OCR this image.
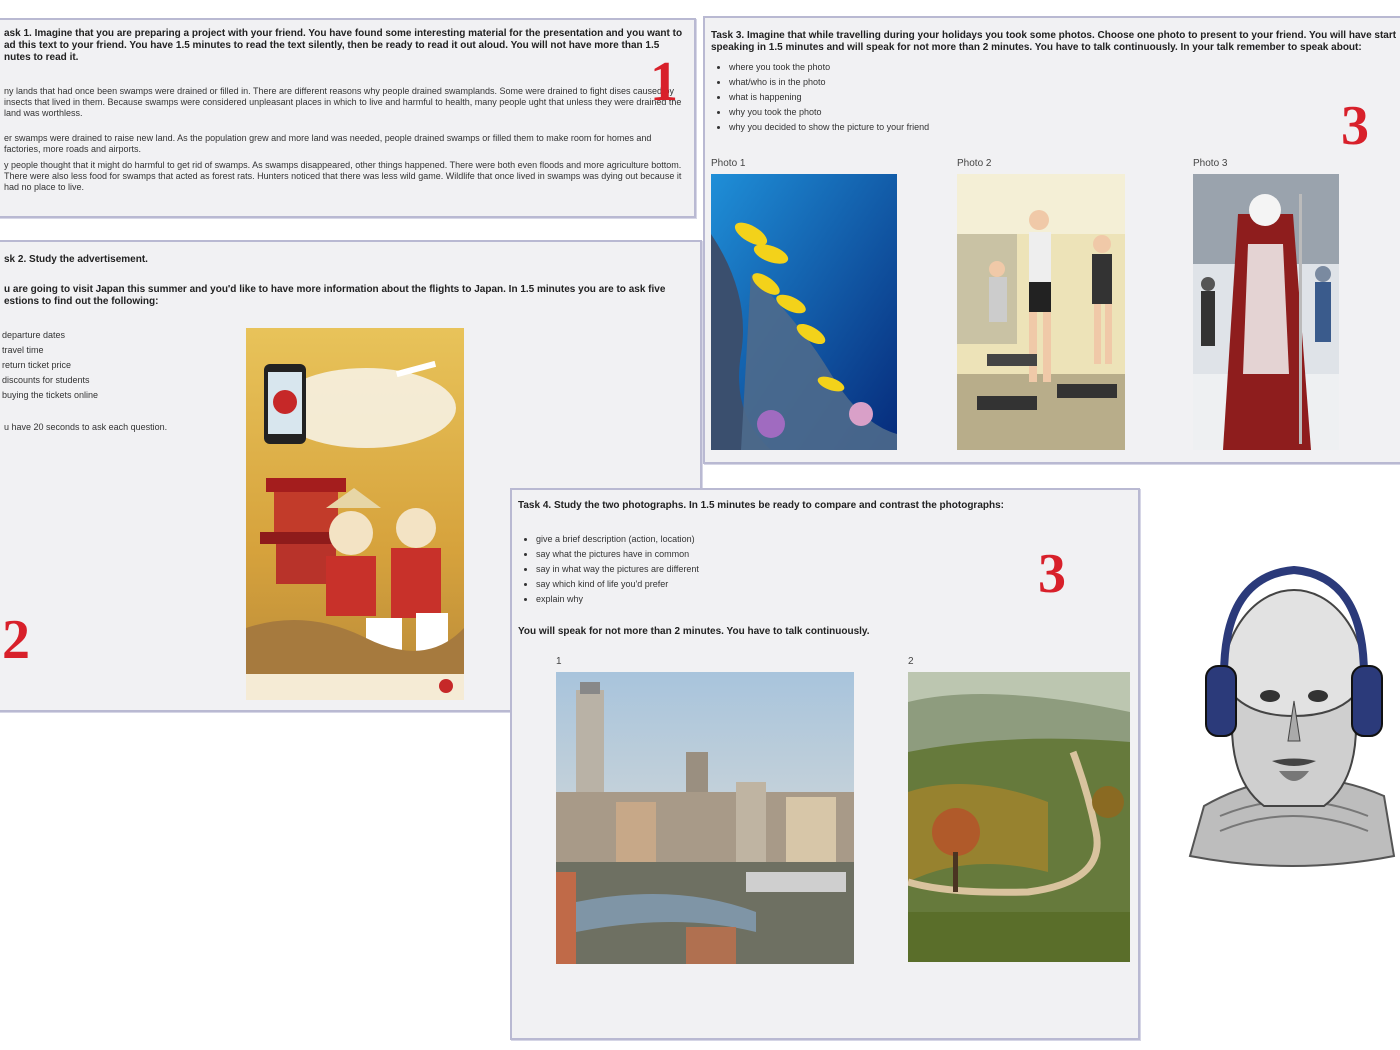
ask 1. Imagine that you are preparing a project with your friend. You have found some interesting material for the presentation and you want to ad this text to your friend. You have 1.5 minutes to read the text silently, then be ready to read it out aloud. You will not have more than 1.5 nutes to read it.
ny lands that had once been swamps were drained or filled in. There are different reasons why people drained swamplands. Some were drained to fight dises caused by insects that lived in them. Because swamps were considered unpleasant places in which to live and harmful to health, many people ught that unless they were drained the land was worthless.
er swamps were drained to raise new land. As the population grew and more land was needed, people drained swamps or filled them to make room for homes and factories, more roads and airports.
y people thought that it might do harmful to get rid of swamps. As swamps disappeared, other things happened. There were both even floods and more agriculture bottom. There were also less food for swamps that acted as forest rats. Hunters noticed that there was less wild game. Wildlife that once lived in swamps was dying out because it had no place to live.
1
sk 2. Study the advertisement.
u are going to visit Japan this summer and you'd like to have more information about the flights to Japan. In 1.5 minutes you are to ask five estions to find out the following:
departure dates
travel time
return ticket price
discounts for students
buying the tickets online
u have 20 seconds to ask each question.
2
Task 3. Imagine that while travelling during your holidays you took some photos. Choose one photo to present to your friend. You will have start speaking in 1.5 minutes and will speak for not more than 2 minutes. You have to talk continuously. In your talk remember to speak about:
• where you took the photo
• what/who is in the photo
• what is happening
• why you took the photo
• why you decided to show the picture to your friend	3
Photo 1	Photo 2	Photo 3
Task 4. Study the two photographs. In 1.5 minutes be ready to compare and contrast the photographs:
• give a brief description (action, location)
• say what the pictures have in common
• say in what way the pictures are different
• say which kind of life you'd prefer
• explain why
You will speak for not more than 2 minutes. You have to talk continuously.
3
1	2
